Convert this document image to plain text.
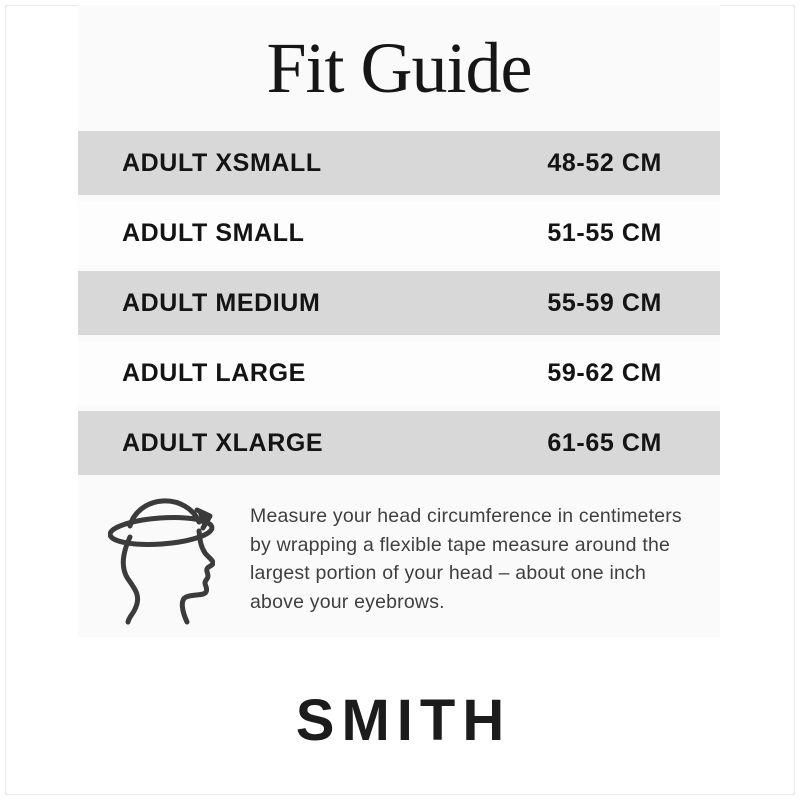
Fit Guide
ADULT XSMALL	48-52 CM
ADULT SMALL	51-55 CM
ADULT MEDIUM	55-59 CM
ADULT LARGE	59-62 CM
ADULT XLARGE	61-65 CM
Measure your head circumference in centimeters
by wrapping a flexible tape measure around the
largest portion of your head – about one inch
above your eyebrows.
SMITH
